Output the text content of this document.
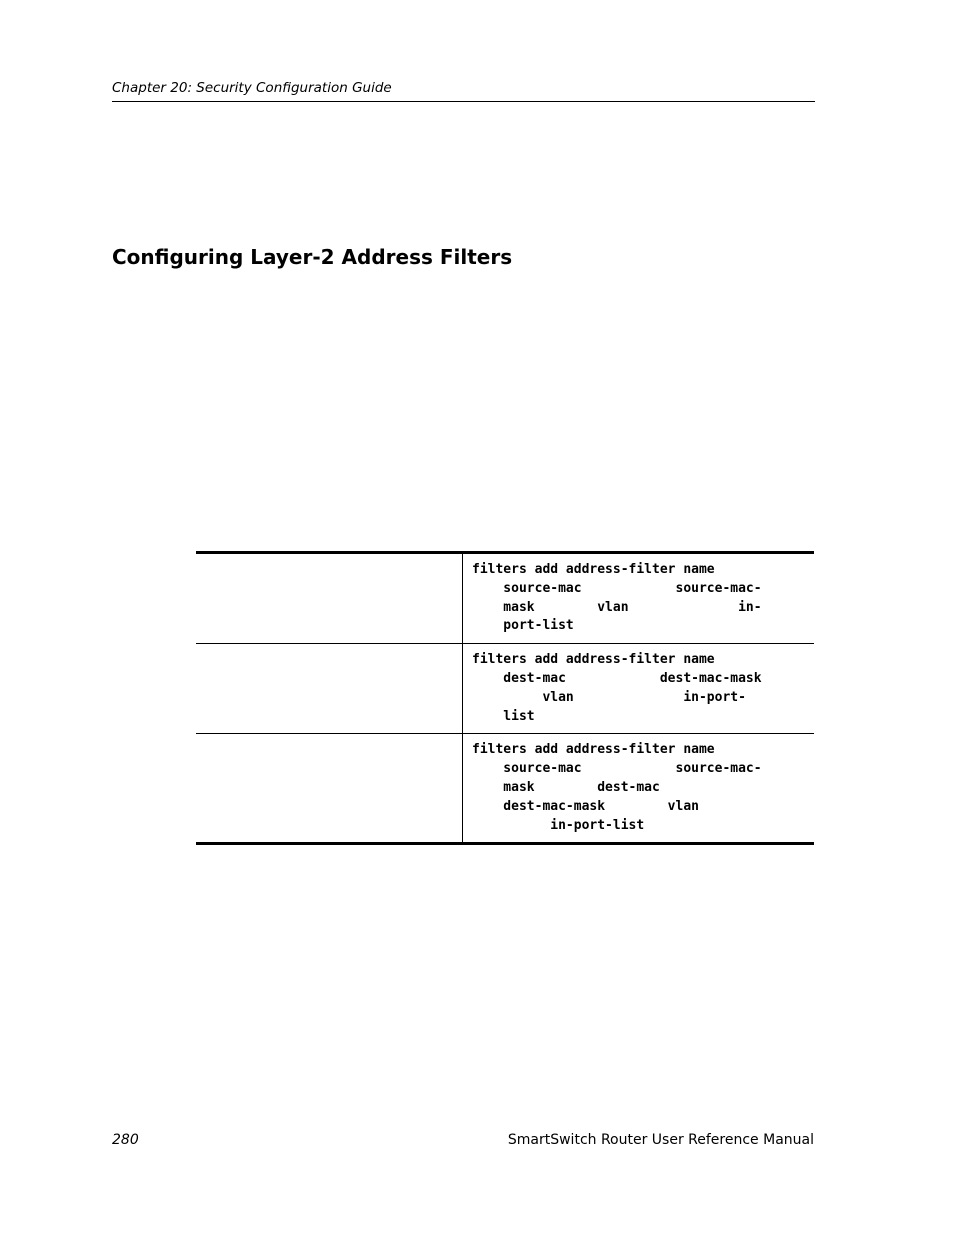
Chapter 20: Security Configuration Guide
Configuring Layer-2 Address Filters

	filters add address-filter name
source-mac            source-mac-
mask        vlan              in-
port-list

	filters add address-filter name
dest-mac            dest-mac-mask
vlan              in-port-
list

	filters add address-filter name
source-mac            source-mac-
mask        dest-mac
dest-mac-mask        vlan
in-port-list
280	SmartSwitch Router User Reference Manual
